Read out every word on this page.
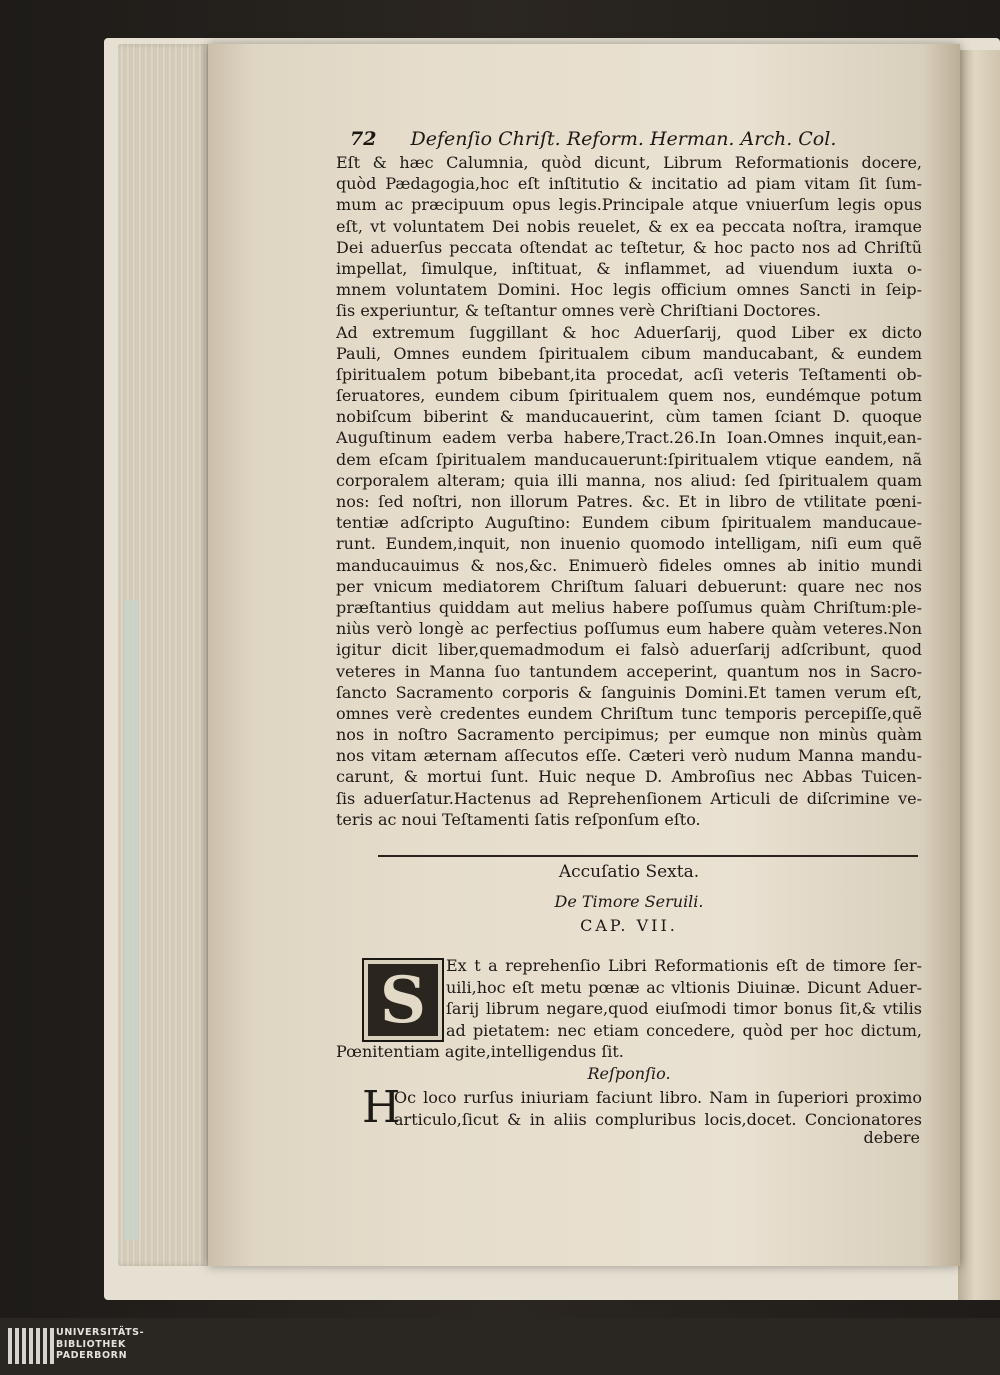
72 Defenſio Chriſt. Reform. Herman. Arch. Col.
Eſt & hæc Calumnia, quòd dicunt, Librum Reformationis docere,
quòd Pædagogia,hoc eſt inſtitutio & incitatio ad piam vitam ſit ſum-
mum ac præcipuum opus legis.Principale atque vniuerſum legis opus
eſt, vt voluntatem Dei nobis reuelet, & ex ea peccata noſtra, iramque
Dei aduerſus peccata oſtendat ac teſtetur, & hoc pacto nos ad Chriſtũ
impellat, ſimulque, inſtituat, & inflammet, ad viuendum iuxta o-
mnem voluntatem Domini. Hoc legis officium omnes Sancti in ſeip-
ſis experiuntur, & teſtantur omnes verè Chriſtiani Doctores.
Ad extremum ſuggillant & hoc Aduerſarij, quod Liber ex dicto
Pauli, Omnes eundem ſpiritualem cibum manducabant, & eundem
ſpiritualem potum bibebant,ita procedat, acſi veteris Teſtamenti ob-
ſeruatores, eundem cibum ſpiritualem quem nos, eundémque potum
nobiſcum biberint & manducauerint, cùm tamen ſciant D. quoque
Auguſtinum eadem verba habere,Tract.26.In Ioan.Omnes inquit,ean-
dem eſcam ſpiritualem manducauerunt:ſpiritualem vtique eandem, nã
corporalem alteram; quia illi manna, nos aliud: ſed ſpiritualem quam
nos: ſed noſtri, non illorum Patres. &c. Et in libro de vtilitate pœni-
tentiæ adſcripto Auguſtino: Eundem cibum ſpiritualem manducaue-
runt. Eundem,inquit, non inuenio quomodo intelligam, niſi eum quẽ
manducauimus & nos,&c. Enimuerò fideles omnes ab initio mundi
per vnicum mediatorem Chriſtum ſaluari debuerunt: quare nec nos
præſtantius quiddam aut melius habere poſſumus quàm Chriſtum:ple-
niùs verò longè ac perfectius poſſumus eum habere quàm veteres.Non
igitur dicit liber,quemadmodum ei falsò aduerſarij adſcribunt, quod
veteres in Manna ſuo tantundem acceperint, quantum nos in Sacro-
ſancto Sacramento corporis & ſanguinis Domini.Et tamen verum eſt,
omnes verè credentes eundem Chriſtum tunc temporis percepiſſe,quẽ
nos in noſtro Sacramento percipimus; per eumque non minùs quàm
nos vitam æternam aſſecutos eſſe. Cæteri verò nudum Manna mandu-
carunt, & mortui ſunt. Huic neque D. Ambroſius nec Abbas Tuicen-
ſis aduerſatur.Hactenus ad Reprehenſionem Articuli de diſcrimine ve-
teris ac noui Teſtamenti ſatis reſponſum eſto.
Accuſatio Sexta.
De Timore Seruili.
CAP. VII.
S	Ex t a reprehenſio Libri Reformationis eſt de timore ſer-
uili,hoc eſt metu pœnæ ac vltionis Diuinæ. Dicunt Aduer-
ſarij librum negare,quod eiuſmodi timor bonus ſit,& vtilis
ad pietatem: nec etiam concedere, quòd per hoc dictum,
Pœnitentiam agite,intelligendus ſit.
Reſponſio.
H
Oc loco rurſus iniuriam faciunt libro. Nam in ſuperiori proximo
articulo,ſicut & in aliis compluribus locis,docet. Concionatores
debere
UNIVERSITÄTS-
BIBLIOTHEK
PADERBORN
